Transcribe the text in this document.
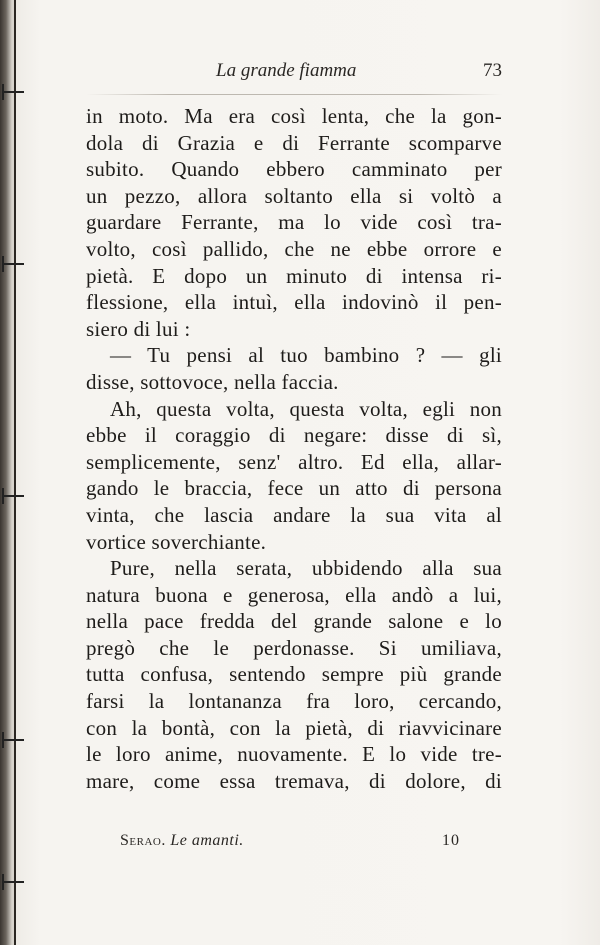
La grande fiamma	73
in moto. Ma era così lenta, che la gon-
dola di Grazia e di Ferrante scomparve
subito. Quando ebbero camminato per
un pezzo, allora soltanto ella si voltò a
guardare Ferrante, ma lo vide così tra-
volto, così pallido, che ne ebbe orrore e
pietà. E dopo un minuto di intensa ri-
flessione, ella intuì, ella indovinò il pen-
siero di lui :
— Tu pensi al tuo bambino ? — gli
disse, sottovoce, nella faccia.
Ah, questa volta, questa volta, egli non
ebbe il coraggio di negare: disse di sì,
semplicemente, senz' altro. Ed ella, allar-
gando le braccia, fece un atto di persona
vinta, che lascia andare la sua vita al
vortice soverchiante.
Pure, nella serata, ubbidendo alla sua
natura buona e generosa, ella andò a lui,
nella pace fredda del grande salone e lo
pregò che le perdonasse. Si umiliava,
tutta confusa, sentendo sempre più grande
farsi la lontananza fra loro, cercando,
con la bontà, con la pietà, di riavvicinare
le loro anime, nuovamente. E lo vide tre-
mare, come essa tremava, di dolore, di
Serao. Le amanti.	10
